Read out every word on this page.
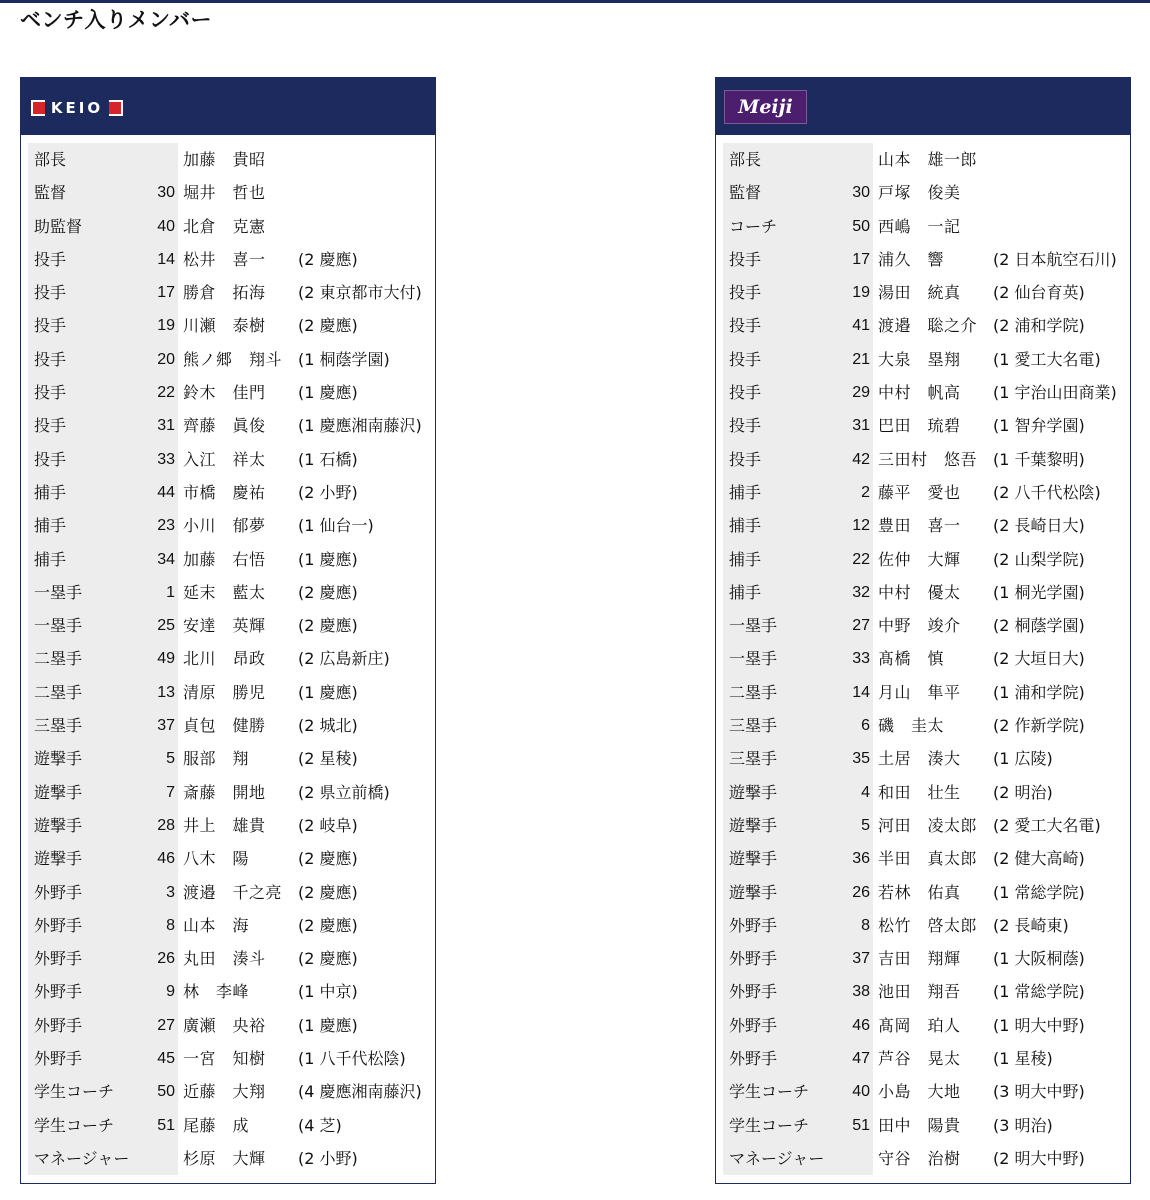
ベンチ入りメンバー
KEIO
部長	加藤　貴昭
監督	30 堀井　哲也
助監督	40 北倉　克憲
投手	14 松井　喜一 (2 慶應)
投手	17 勝倉　拓海 (2 東京都市大付)
投手	19 川瀬　泰樹 (2 慶應)
投手	20 熊ノ郷　翔斗 (1 桐蔭学園)
投手	22 鈴木　佳門 (1 慶應)
投手	31 齊藤　眞俊 (1 慶應湘南藤沢)
投手	33 入江　祥太 (1 石橋)
捕手	44 市橋　慶祐 (2 小野)
捕手	23 小川　郁夢 (1 仙台一)
捕手	34 加藤　右悟 (1 慶應)
一塁手	1 延末　藍太 (2 慶應)
一塁手	25 安達　英輝 (2 慶應)
二塁手	49 北川　昂政 (2 広島新庄)
二塁手	13 清原　勝児 (1 慶應)
三塁手	37 貞包　健勝 (2 城北)
遊撃手	5 服部　翔	(2 星稜)
遊撃手	7 斎藤　開地 (2 県立前橋)
遊撃手	28 井上　雄貴 (2 岐阜)
遊撃手	46 八木　陽	(2 慶應)
外野手	3 渡邉　千之亮 (2 慶應)
外野手	8 山本　海	(2 慶應)
外野手	26 丸田　湊斗 (2 慶應)
外野手	9 林　李峰	(1 中京)
外野手	27 廣瀬　央裕 (1 慶應)
外野手	45 一宮　知樹 (1 八千代松陰)
学生コーチ	50 近藤　大翔 (4 慶應湘南藤沢)
学生コーチ	51 尾藤　成	(4 芝)
マネージャー	杉原　大輝 (2 小野)
Meiji
部長	山本　雄一郎
監督	30 戸塚　俊美
コーチ	50 西嶋　一記
投手	17 浦久　響	(2 日本航空石川)
投手	19 湯田　統真 (2 仙台育英)
投手	41 渡邉　聡之介 (2 浦和学院)
投手	21 大泉　塁翔 (1 愛工大名電)
投手	29 中村　帆高 (1 宇治山田商業)
投手	31 巴田　琉碧 (1 智弁学園)
投手	42 三田村　悠吾 (1 千葉黎明)
捕手	2 藤平　愛也 (2 八千代松陰)
捕手	12 豊田　喜一 (2 長崎日大)
捕手	22 佐仲　大輝 (2 山梨学院)
捕手	32 中村　優太 (1 桐光学園)
一塁手	27 中野　竣介 (2 桐蔭学園)
一塁手	33 髙橋　慎	(2 大垣日大)
二塁手	14 月山　隼平 (1 浦和学院)
三塁手	6 磯　圭太	(2 作新学院)
三塁手	35 土居　湊大 (1 広陵)
遊撃手	4 和田　壮生 (2 明治)
遊撃手	5 河田　凌太郎 (2 愛工大名電)
遊撃手	36 半田　真太郎 (2 健大高崎)
遊撃手	26 若林　佑真 (1 常総学院)
外野手	8 松竹　啓太郎 (2 長崎東)
外野手	37 吉田　翔輝 (1 大阪桐蔭)
外野手	38 池田　翔吾 (1 常総学院)
外野手	46 髙岡　珀人 (1 明大中野)
外野手	47 芦谷　晃太 (1 星稜)
学生コーチ	40 小島　大地 (3 明大中野)
学生コーチ	51 田中　陽貴 (3 明治)
マネージャー	守谷　治樹 (2 明大中野)
